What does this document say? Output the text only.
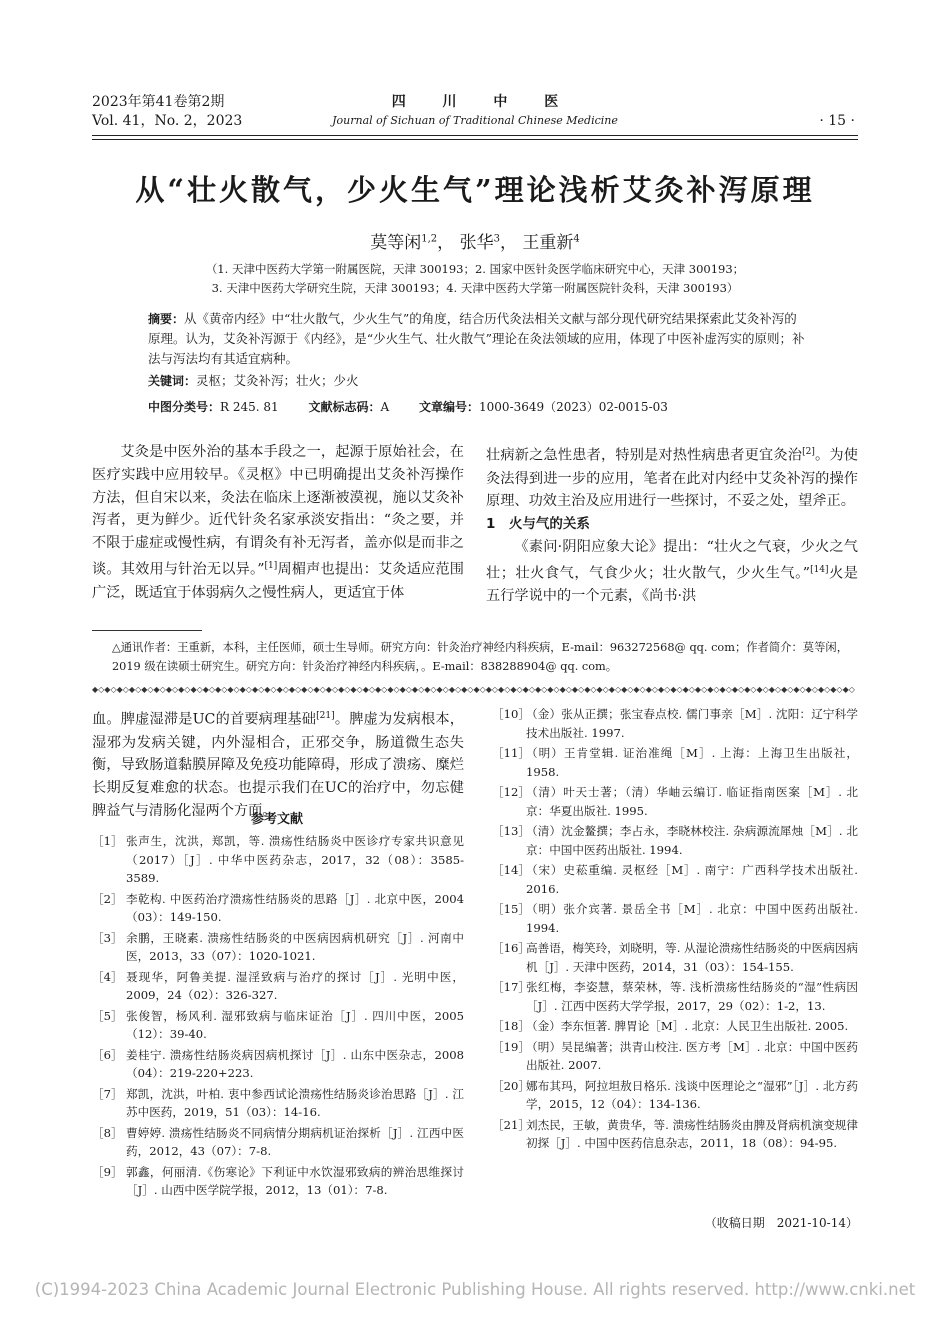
2023年第41卷第2期
Vol. 41，No. 2，2023
四 川 中 医
Journal of Sichuan of Traditional Chinese Medicine	· 15 ·
从“壮火散气，少火生气”理论浅析艾灸补泻原理
莫等闲$^{1,2}$， 张华$^3$， 王重新$^4$
（1. 天津中医药大学第一附属医院，天津 300193；2. 国家中医针灸医学临床研究中心，天津 300193；
3. 天津中医药大学研究生院，天津 300193；4. 天津中医药大学第一附属医院针灸科，天津 300193）
摘要：从《黄帝内经》中“壮火散气，少火生气”的角度，结合历代灸法相关文献与部分现代研究结果探索此艾灸补泻的原理。认为，艾灸补泻源于《内经》，是“少火生气、壮火散气”理论在灸法领域的应用，体现了中医补虚泻实的原则；补法与泻法均有其适宜病种。
关键词：灵枢；艾灸补泻；壮火；少火
中图分类号：R 245. 81 文献标志码：A 文章编号：1000-3649（2023）02-0015-03

艾灸是中医外治的基本手段之一，起源于原始社会，在医疗实践中应用较早。《灵枢》中已明确提出艾灸补泻操作方法，但自宋以来，灸法在临床上逐渐被漠视，施以艾灸补泻者，更为鲜少。近代针灸名家承淡安指出：“灸之要，并不限于虚症或慢性病，有谓灸有补无泻者，盖亦似是而非之谈。其效用与针治无以异。”[1]周楣声也提出：艾灸适应范围广泛，既适宜于体弱病久之慢性病人，更适宜于体

壮病新之急性患者，特别是对热性病患者更宜灸治[2]。为使灸法得到进一步的应用，笔者在此对内经中艾灸补泻的操作原理、功效主治及应用进行一些探讨，不妥之处，望斧正。

1　火与气的关系

《素问·阴阳应象大论》提出：“壮火之气衰，少火之气壮；壮火食气，气食少火；壮火散气，少火生气。”[14]火是五行学说中的一个元素，《尚书·洪

△通讯作者：王重新，本科，主任医师，硕士生导师。研究方向：针灸治疗神经内科疾病，E-mail：963272568@ qq. com；作者简介：莫等闲，2019 级在读硕士研究生。研究方向：针灸治疗神经内科疾病，。E-mail：838288904@ qq. com。
◆◇◆◇◆◇◆◇◆◇◆◇◆◇◆◇◆◇◆◇◆◇◆◇◆◇◆◇◆◇◆◇◆◇◆◇◆◇◆◇◆◇◆◇◆◇◆◇◆◇◆◇◆◇◆◇◆◇◆◇◆◇◆◇◆◇◆◇◆◇◆◇◆◇◆◇◆◇◆◇◆◇◆◇◆◇◆◇◆◇◆◇◆◇◆◇◆◇◆◇◆◇◆◇◆◇◆◇◆◇◆◇◆◇◆◇◆◇◆◇◆◇◆◇

血。脾虚湿滞是UC的首要病理基础[21]。脾虚为发病根本，湿邪为发病关键，内外湿相合，正邪交争，肠道微生态失衡，导致肠道黏膜屏障及免疫功能障碍，形成了溃疡、糜烂长期反复难愈的状态。也提示我们在UC的治疗中，勿忘健脾益气与清肠化湿两个方面。

参考文献
［1］ 张声生，沈洪，郑凯，等. 溃疡性结肠炎中医诊疗专家共识意见（2017）［J］. 中华中医药杂志，2017，32（08）：3585-3589.
［2］ 李乾构. 中医药治疗溃疡性结肠炎的思路［J］. 北京中医，2004（03）：149-150.
［3］ 余鹏，王晓素. 溃疡性结肠炎的中医病因病机研究［J］. 河南中医，2013，33（07）：1020-1021.
［4］ 聂现华，阿鲁美提. 湿淫致病与治疗的探讨［J］. 光明中医，2009，24（02）：326-327.
［5］ 张俊智，杨风利. 湿邪致病与临床证治［J］. 四川中医，2005（12）：39-40.
［6］ 姜桂宁. 溃疡性结肠炎病因病机探讨［J］. 山东中医杂志，2008（04）：219-220+223.
［7］ 郑凯，沈洪，叶柏. 衷中参西试论溃疡性结肠炎诊治思路［J］. 江苏中医药，2019，51（03）：14-16.
［8］ 曹婷婷. 溃疡性结肠炎不同病情分期病机证治探析［J］. 江西中医药，2012，43（07）：7-8.
［9］ 郭鑫，何丽清.《伤寒论》下利证中水饮湿邪致病的辨治思维探讨［J］. 山西中医学院学报，2012，13（01）：7-8.
［10］
（金）张从正撰；张宝春点校. 儒门事亲［M］. 沈阳：辽宁科学技术出版社. 1997.
［11］
（明）王肯堂辑. 证治准绳［M］. 上海：上海卫生出版社，1958.
［12］
（清）叶天士著；（清）华岫云编订. 临证指南医案［M］. 北京：华夏出版社. 1995.
［13］
（清）沈金鳌撰；李占永，李晓林校注. 杂病源流犀烛［M］. 北京：中国中医药出版社. 1994.
［14］
（宋）史菘重编. 灵枢经［M］. 南宁：广西科学技术出版社. 2016.
［15］
（明）张介宾著. 景岳全书［M］. 北京：中国中医药出版社. 1994.
［16］
高善语，梅笑玲，刘晓明，等. 从湿论溃疡性结肠炎的中医病因病机［J］. 天津中医药，2014，31（03）：154-155.
［17］
张红梅，李姿慧，蔡荣林，等. 浅析溃疡性结肠炎的“湿”性病因［J］. 江西中医药大学学报，2017，29（02）：1-2，13.
［18］
（金）李东恒著. 脾胃论［M］. 北京：人民卫生出版社. 2005.
［19］
（明）吴昆编著；洪青山校注. 医方考［M］. 北京：中国中医药出版社. 2007.
［20］
娜布其玛，阿拉坦敖日格乐. 浅谈中医理论之“湿邪”［J］. 北方药学，2015，12（04）：134-136.
［21］
刘杰民，王敏，黄贵华，等. 溃疡性结肠炎由脾及肾病机演变规律初探［J］. 中国中医药信息杂志，2011，18（08）：94-95.
（收稿日期　2021-10-14）
(C)1994-2023 China Academic Journal Electronic Publishing House. All rights reserved. http://www.cnki.net
